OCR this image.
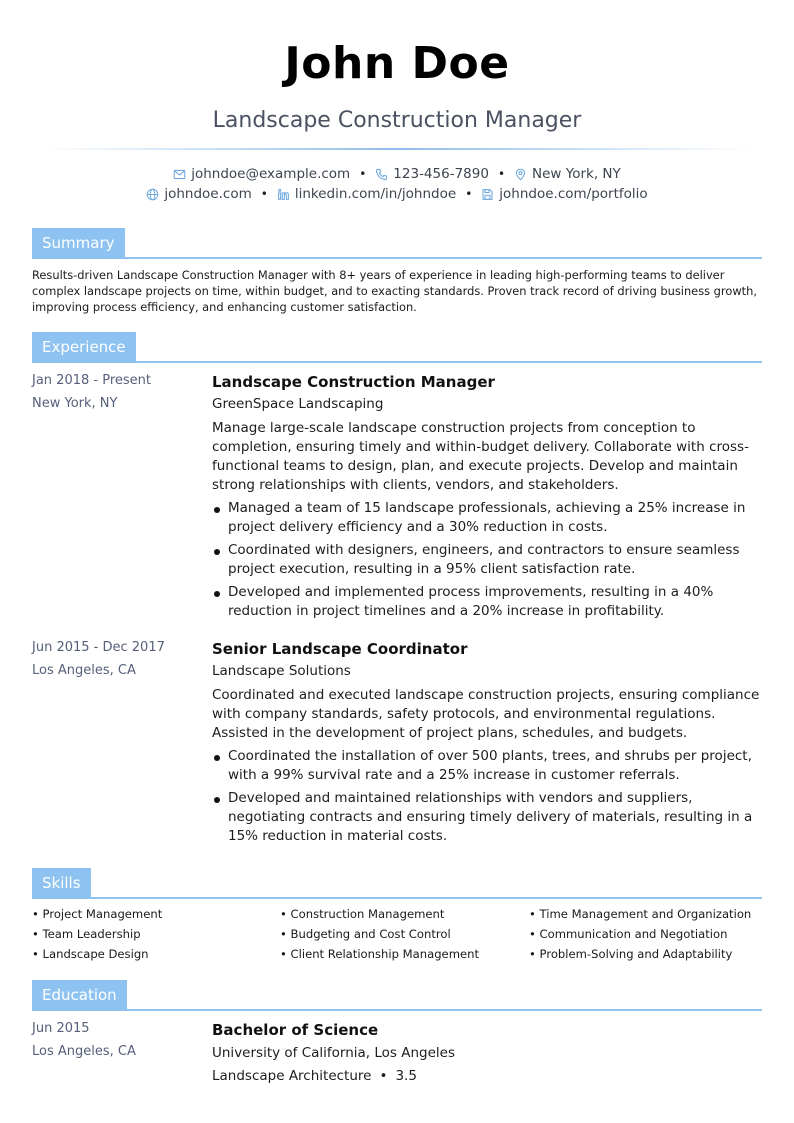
John Doe
Landscape Construction Manager
johndoe@example.com • 123-456-7890 • New York, NY
johndoe.com • linkedin.com/in/johndoe • johndoe.com/portfolio
Summary
Results-driven Landscape Construction Manager with 8+ years of experience in leading high-performing teams to deliver complex landscape projects on time, within budget, and to exacting standards. Proven track record of driving business growth, improving process efficiency, and enhancing customer satisfaction.
Experience
Jan 2018 - Present
New York, NY
Landscape Construction Manager
GreenSpace Landscaping
Manage large-scale landscape construction projects from conception to completion, ensuring timely and within-budget delivery. Collaborate with cross-functional teams to design, plan, and execute projects. Develop and maintain strong relationships with clients, vendors, and stakeholders.
Managed a team of 15 landscape professionals, achieving a 25% increase in project delivery efficiency and a 30% reduction in costs.
Coordinated with designers, engineers, and contractors to ensure seamless project execution, resulting in a 95% client satisfaction rate.
Developed and implemented process improvements, resulting in a 40% reduction in project timelines and a 20% increase in profitability.
Jun 2015 - Dec 2017
Los Angeles, CA
Senior Landscape Coordinator
Landscape Solutions
Coordinated and executed landscape construction projects, ensuring compliance with company standards, safety protocols, and environmental regulations. Assisted in the development of project plans, schedules, and budgets.
Coordinated the installation of over 500 plants, trees, and shrubs per project, with a 99% survival rate and a 25% increase in customer referrals.
Developed and maintained relationships with vendors and suppliers, negotiating contracts and ensuring timely delivery of materials, resulting in a 15% reduction in material costs.
Skills
• Project Management
• Team Leadership
• Landscape Design
• Construction Management
• Budgeting and Cost Control
• Client Relationship Management
• Time Management and Organization
• Communication and Negotiation
• Problem-Solving and Adaptability
Education
Jun 2015
Los Angeles, CA
Bachelor of Science
University of California, Los Angeles
Landscape Architecture • 3.5
